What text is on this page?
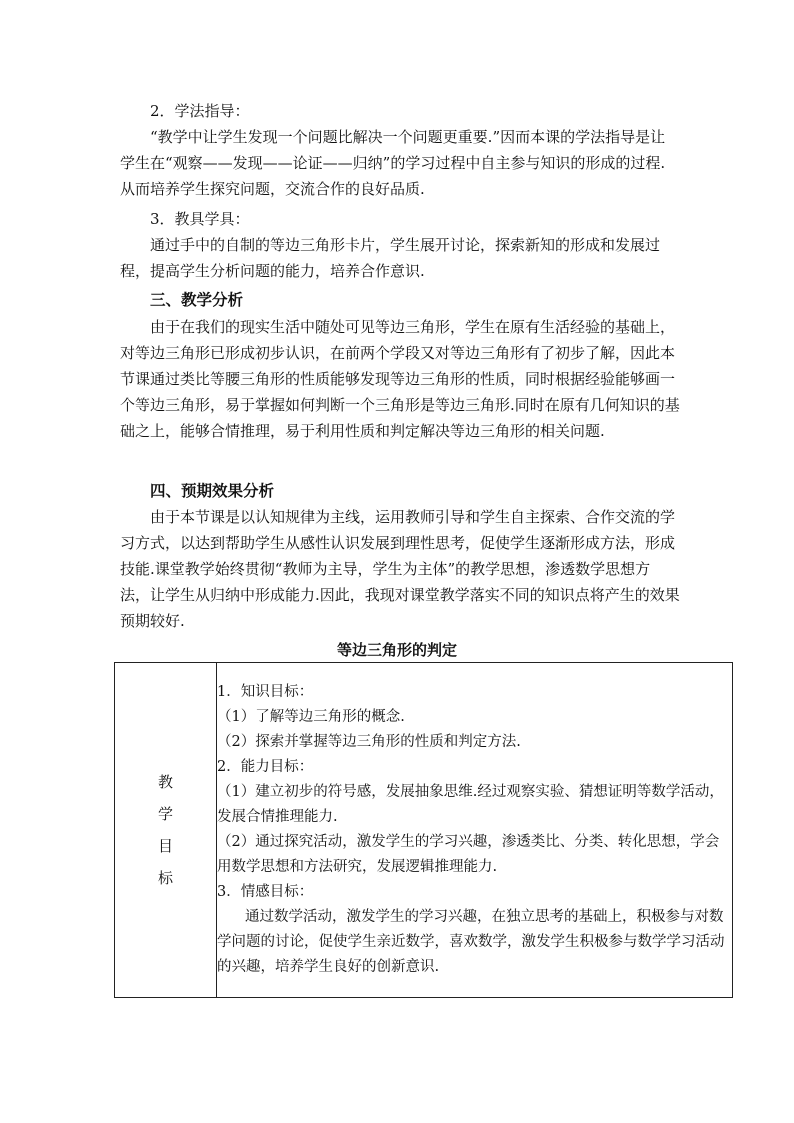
2．学法指导：

“教学中让学生发现一个问题比解决一个问题更重要.”因而本课的学法指导是让学生在“观察——发现——论证——归纳”的学习过程中自主参与知识的形成的过程.从而培养学生探究问题，交流合作的良好品质.

3．教具学具：

通过手中的自制的等边三角形卡片，学生展开讨论，探索新知的形成和发展过程，提高学生分析问题的能力，培养合作意识.

三、教学分析

由于在我们的现实生活中随处可见等边三角形，学生在原有生活经验的基础上，对等边三角形已形成初步认识，在前两个学段又对等边三角形有了初步了解，因此本节课通过类比等腰三角形的性质能够发现等边三角形的性质，同时根据经验能够画一个等边三角形，易于掌握如何判断一个三角形是等边三角形.同时在原有几何知识的基础之上，能够合情推理，易于利用性质和判定解决等边三角形的相关问题.

四、预期效果分析

由于本节课是以认知规律为主线，运用教师引导和学生自主探索、合作交流的学习方式，以达到帮助学生从感性认识发展到理性思考，促使学生逐渐形成方法，形成技能.课堂教学始终贯彻“教师为主导，学生为主体”的教学思想，渗透数学思想方法，让学生从归纳中形成能力.因此，我现对课堂教学落实不同的知识点将产生的效果预期较好.

等边三角形的判定
教
学
目
标

1．知识目标：

（1）了解等边三角形的概念.

（2）探索并掌握等边三角形的性质和判定方法.

2．能力目标：

（1）建立初步的符号感，发展抽象思维.经过观察实验、猜想证明等数学活动，发展合情推理能力.

（2）通过探究活动，激发学生的学习兴趣，渗透类比、分类、转化思想，学会用数学思想和方法研究，发展逻辑推理能力.

3．情感目标：

通过数学活动，激发学生的学习兴趣，在独立思考的基础上，积极参与对数学问题的讨论，促使学生亲近数学，喜欢数学，激发学生积极参与数学学习活动的兴趣，培养学生良好的创新意识.
